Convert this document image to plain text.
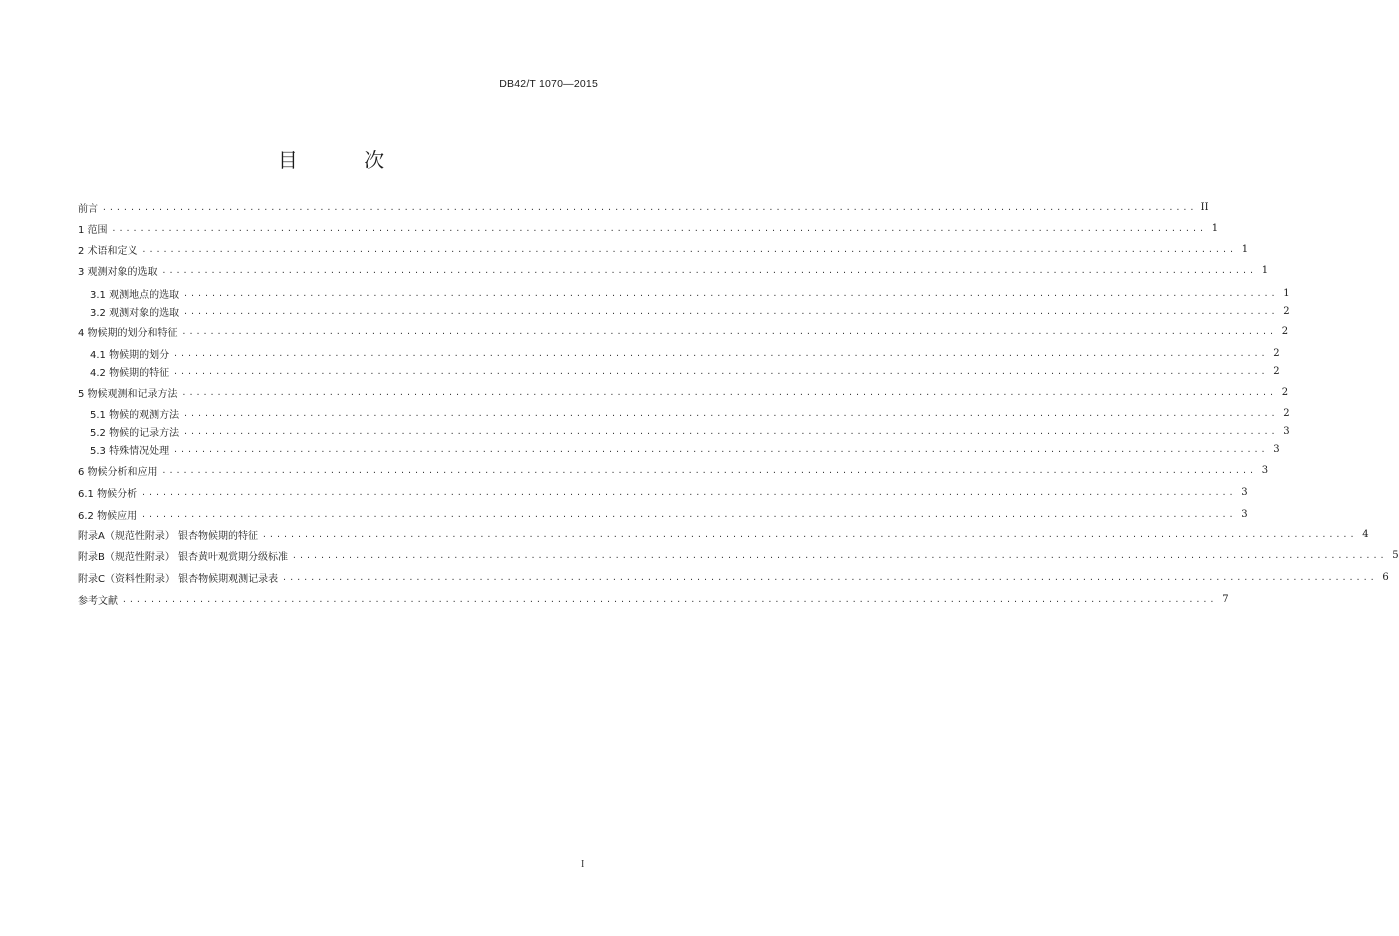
DB42/T 1070—2015
目 次
前言 ............................................................................................................................................................ II
1 范围 ............................................................................................................................................................ 1
2 术语和定义 ............................................................................................................................................................ 1
3 观测对象的选取 ............................................................................................................................................................ 1
3.1 观测地点的选取 ............................................................................................................................................................ 1
3.2 观测对象的选取 ............................................................................................................................................................ 2
4 物候期的划分和特征 ............................................................................................................................................................ 2
4.1 物候期的划分 ............................................................................................................................................................ 2
4.2 物候期的特征 ............................................................................................................................................................ 2
5 物候观测和记录方法 ............................................................................................................................................................ 2
5.1 物候的观测方法 ............................................................................................................................................................ 2
5.2 物候的记录方法 ............................................................................................................................................................ 3
5.3 特殊情况处理 ............................................................................................................................................................ 3
6 物候分析和应用 ............................................................................................................................................................ 3
6.1 物候分析 ............................................................................................................................................................ 3
6.2 物候应用 ............................................................................................................................................................ 3
附录A（规范性附录） 银杏物候期的特征 ............................................................................................................................................................ 4
附录B（规范性附录） 银杏黄叶观赏期分级标准 ............................................................................................................................................................ 5
附录C（资料性附录） 银杏物候期观测记录表 ............................................................................................................................................................ 6
参考文献 ............................................................................................................................................................ 7
I
